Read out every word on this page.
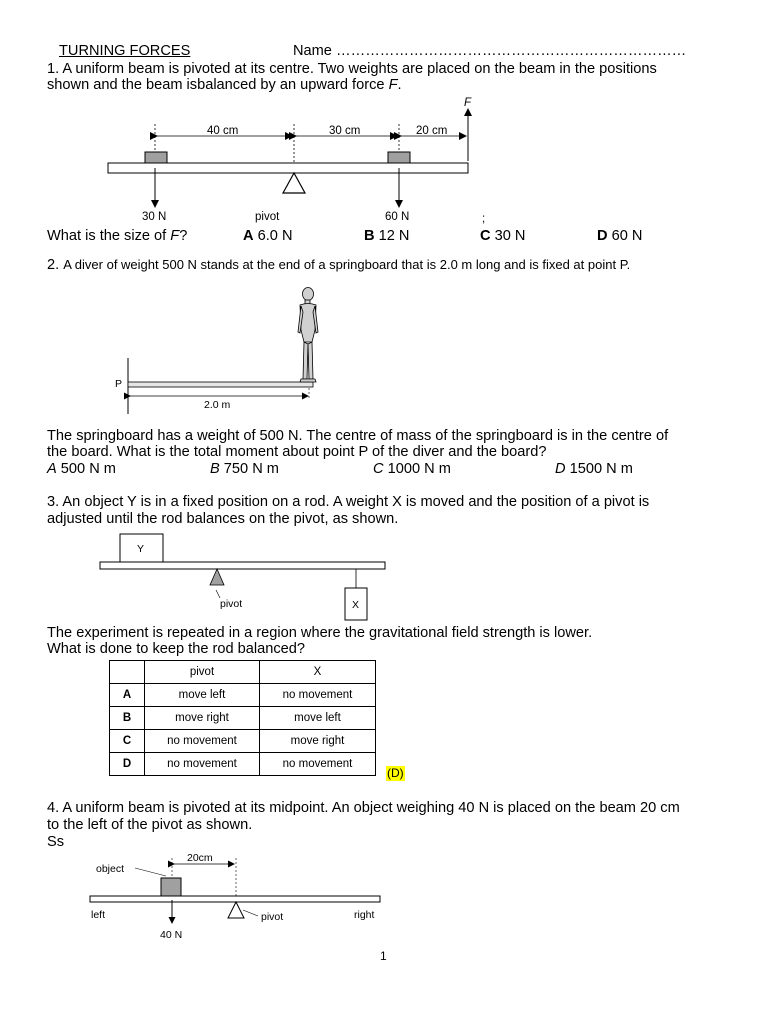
TURNING FORCES	Name ………………………………………………………………
1. A uniform beam is pivoted at its centre. Two weights are placed on the beam in the positions
shown and the beam isbalanced by an upward force F.
F
40 cm	30 cm	20 cm
30 N	pivot	60 N	;
What is the size of F?	A 6.0 N	B 12 N	C 30 N	D 60 N
2. A diver of weight 500 N stands at the end of a springboard that is 2.0 m long and is fixed at point P.
P
2.0 m
The springboard has a weight of 500 N. The centre of mass of the springboard is in the centre of
the board. What is the total moment about point P of the diver and the board?
A 500 N m	B 750 N m	C 1000 N m	D 1500 N m
3. An object Y is in a fixed position on a rod. A weight X is moved and the position of a pivot is
adjusted until the rod balances on the pivot, as shown.
Y
pivot	X
The experiment is repeated in a region where the gravitational field strength is lower.
What is done to keep the rod balanced?
	pivot	X
A	move left	no movement
B	move right	move left
C	no movement	move right
D	no movement	no movement
(D)
4. A uniform beam is pivoted at its midpoint. An object weighing 40 N is placed on the beam 20 cm
to the left of the pivot as shown.
Ss
object
20cm
left	pivot	right
40 N
1
